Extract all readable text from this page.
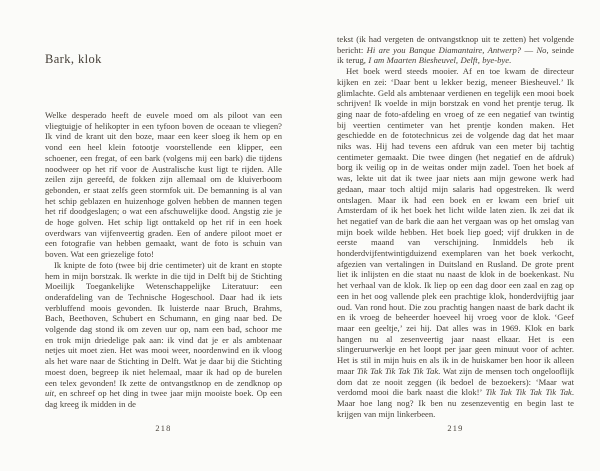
Bark, klok

Welke desperado heeft de euvele moed om als piloot van een vliegtuigje of helikopter in een tyfoon boven de oceaan te vliegen? Ik vind de krant uit den boze, maar een keer sloeg ik hem op en vond een heel klein fotootje voorstellende een klipper, een schoener, een fregat, of een bark (volgens mij een bark) die tijdens noodweer op het rif voor de Australische kust ligt te rijden. Alle zeilen zijn gereefd, de fokken zijn allemaal om de kluiverboom gebonden, er staat zelfs geen stormfok uit. De bemanning is al van het schip geblazen en huizenhoge golven hebben de mannen tegen het rif doodgeslagen; o wat een afschuwelijke dood. Angstig zie je de hoge golven. Het schip ligt onttakeld op het rif in een hoek overdwars van vijfenveertig graden. Een of andere piloot moet er een fotografie van hebben gemaakt, want de foto is schuin van boven. Wat een griezelige foto!

Ik knipte de foto (twee bij drie centimeter) uit de krant en stopte hem in mijn borstzak. Ik werkte in die tijd in Delft bij de Stichting Moeilijk Toegankelijke Wetenschappelijke Literatuur: een onderafdeling van de Technische Hogeschool. Daar had ik iets verbluffend moois gevonden. Ik luisterde naar Bruch, Brahms, Bach, Beethoven, Schubert en Schumann, en ging naar bed. De volgende dag stond ik om zeven uur op, nam een bad, schoor me en trok mijn driedelige pak aan: ik vind dat je er als ambtenaar netjes uit moet zien. Het was mooi weer, noordenwind en ik vloog als het ware naar de Stichting in Delft. Wat je daar bij die Stichting moest doen, begreep ik niet helemaal, maar ik had op de burelen een telex gevonden! Ik zette de ontvangstknop en de zendknop op uit, en schreef op het ding in twee jaar mijn mooiste boek. Op een dag kreeg ik midden in de

218

tekst (ik had vergeten de ontvangstknop uit te zetten) het volgende bericht: Hi are you Banque Diamantaire, Antwerp? — No, seinde ik terug, I am Maarten Biesheuvel, Delft, bye-bye.

Het boek werd steeds mooier. Af en toe kwam de directeur kijken en zei: ‘Daar bent u lekker bezig, meneer Biesheuvel.’ Ik glimlachte. Geld als ambtenaar verdienen en tegelijk een mooi boek schrijven! Ik voelde in mijn borstzak en vond het prentje terug. Ik ging naar de foto-afdeling en vroeg of ze een negatief van twintig bij veertien centimeter van het prentje konden maken. Het geschiedde en de fototechnicus zei de volgende dag dat het maar niks was. Hij had tevens een afdruk van een meter bij tachtig centimeter gemaakt. Die twee dingen (het negatief en de afdruk) borg ik veilig op in de weitas onder mijn zadel. Toen het boek af was, lekte uit dat ik twee jaar niets aan mijn gewone werk had gedaan, maar toch altijd mijn salaris had opgestreken. Ik werd ontslagen. Maar ik had een boek en er kwam een brief uit Amsterdam of ik het boek het licht wilde laten zien. Ik zei dat ik het negatief van de bark die aan het vergaan was op het omslag van mijn boek wilde hebben. Het boek liep goed; vijf drukken in de eerste maand van verschijning. Inmiddels heb ik honderdvijfentwintigduizend exemplaren van het boek verkocht, afgezien van vertalingen in Duitsland en Rusland. De grote prent liet ik inlijsten en die staat nu naast de klok in de boekenkast. Nu het verhaal van de klok. Ik liep op een dag door een zaal en zag op een in het oog vallende plek een prachtige klok, honderdvijftig jaar oud. Van rond hout. Die zou prachtig hangen naast de bark dacht ik en ik vroeg de beheerder hoeveel hij vroeg voor de klok. ‘Geef maar een geeltje,’ zei hij. Dat alles was in 1969. Klok en bark hangen nu al zesenveertig jaar naast elkaar. Het is een slingeruurwerkje en het loopt per jaar geen minuut voor of achter. Het is stil in mijn huis en als ik in de huiskamer ben hoor ik alleen maar Tik Tak Tik Tak Tik Tak. Wat zijn de mensen toch ongelooflijk dom dat ze nooit zeggen (ik bedoel de bezoekers): ‘Maar wat verdomd mooi die bark naast die klok!’ Tik Tak Tik Tak Tik Tak. Maar hoe lang nog? Ik ben nu zesenzeventig en begin last te krijgen van mijn linkerbeen.

219
